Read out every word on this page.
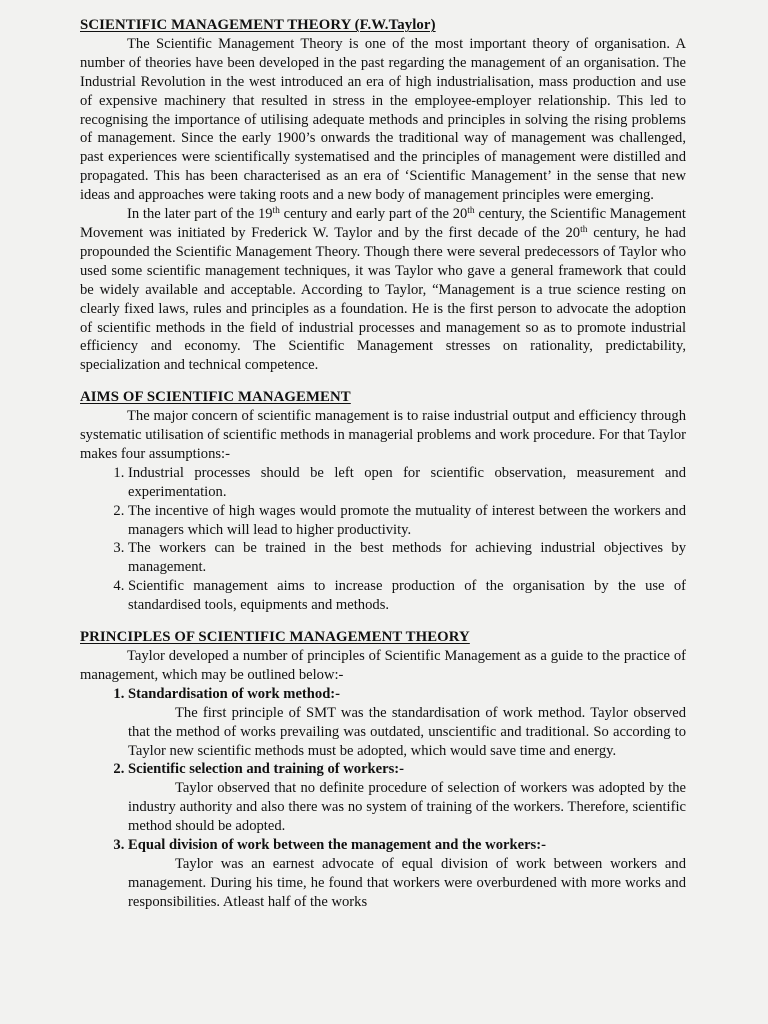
SCIENTIFIC MANAGEMENT THEORY (F.W.Taylor)

The Scientific Management Theory is one of the most important theory of organisation. A number of theories have been developed in the past regarding the management of an organisation. The Industrial Revolution in the west introduced an era of high industrialisation, mass production and use of expensive machinery that resulted in stress in the employee-employer relationship. This led to recognising the importance of utilising adequate methods and principles in solving the rising problems of management. Since the early 1900’s onwards the traditional way of management was challenged, past experiences were scientifically systematised and the principles of management were distilled and propagated. This has been characterised as an era of ‘Scientific Management’ in the sense that new ideas and approaches were taking roots and a new body of management principles were emerging.

In the later part of the 19th century and early part of the 20th century, the Scientific Management Movement was initiated by Frederick W. Taylor and by the first decade of the 20th century, he had propounded the Scientific Management Theory. Though there were several predecessors of Taylor who used some scientific management techniques, it was Taylor who gave a general framework that could be widely available and acceptable. According to Taylor, “Management is a true science resting on clearly fixed laws, rules and principles as a foundation. He is the first person to advocate the adoption of scientific methods in the field of industrial processes and management so as to promote industrial efficiency and economy. The Scientific Management stresses on rationality, predictability, specialization and technical competence.

AIMS OF SCIENTIFIC MANAGEMENT

The major concern of scientific management is to raise industrial output and efficiency through systematic utilisation of scientific methods in managerial problems and work procedure. For that Taylor makes four assumptions:-

1. Industrial processes should be left open for scientific observation, measurement and experimentation.
2. The incentive of high wages would promote the mutuality of interest between the workers and managers which will lead to higher productivity.
3. The workers can be trained in the best methods for achieving industrial objectives by management.
4. Scientific management aims to increase production of the organisation by the use of standardised tools, equipments and methods.
PRINCIPLES OF SCIENTIFIC MANAGEMENT THEORY

Taylor developed a number of principles of Scientific Management as a guide to the practice of management, which may be outlined below:-

1. Standardisation of work method:-
The first principle of SMT was the standardisation of work method. Taylor observed that the method of works prevailing was outdated, unscientific and traditional. So according to Taylor new scientific methods must be adopted, which would save time and energy.
2. Scientific selection and training of workers:-
Taylor observed that no definite procedure of selection of workers was adopted by the industry authority and also there was no system of training of the workers. Therefore, scientific method should be adopted.
3. Equal division of work between the management and the workers:-
Taylor was an earnest advocate of equal division of work between workers and management. During his time, he found that workers were overburdened with more works and responsibilities. Atleast half of the works
